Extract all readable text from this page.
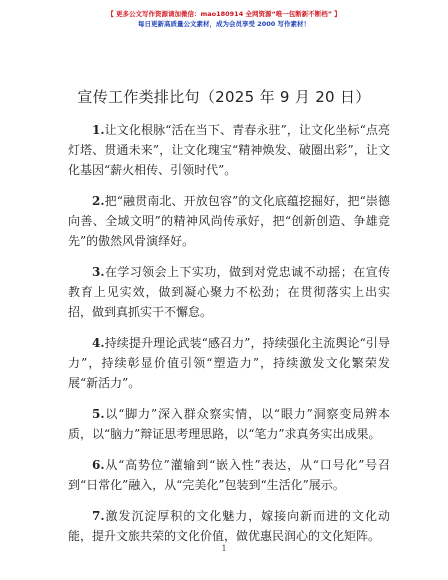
【 更多公文写作资源请加微信：mao180914 全网资源“唯一包断新不断档” 】
每日更新高质量公文素材，成为会员享受 2000 写作素材！
宣传工作类排比句（2025 年 9 月 20 日）

1.让文化根脉“活在当下、青春永驻”，让文化坐标“点亮灯塔、贯通未来”，让文化瑰宝“精神焕发、破圈出彩”，让文化基因“薪火相传、引领时代”。

2.把“融贯南北、开放包容”的文化底蕴挖掘好，把“崇德向善、全域文明”的精神风尚传承好，把“创新创造、争雄竞先”的傲然风骨演绎好。

3.在学习领会上下实功，做到对党忠诚不动摇；在宣传教育上见实效，做到凝心聚力不松劲；在贯彻落实上出实招，做到真抓实干不懈怠。

4.持续提升理论武装“感召力”，持续强化主流舆论“引导力”，持续彰显价值引领“塑造力”，持续激发文化繁荣发展“新活力”。

5.以“脚力”深入群众察实情，以“眼力”洞察变局辨本质，以“脑力”辩证思考理思路，以“笔力”求真务实出成果。

6.从“高势位”灌输到“嵌入性”表达，从“口号化”号召到“日常化”融入，从“完美化”包装到“生活化”展示。

7.激发沉淀厚积的文化魅力，嫁接向新而进的文化动能，提升文旅共荣的文化价值，做优惠民润心的文化矩阵。

1
